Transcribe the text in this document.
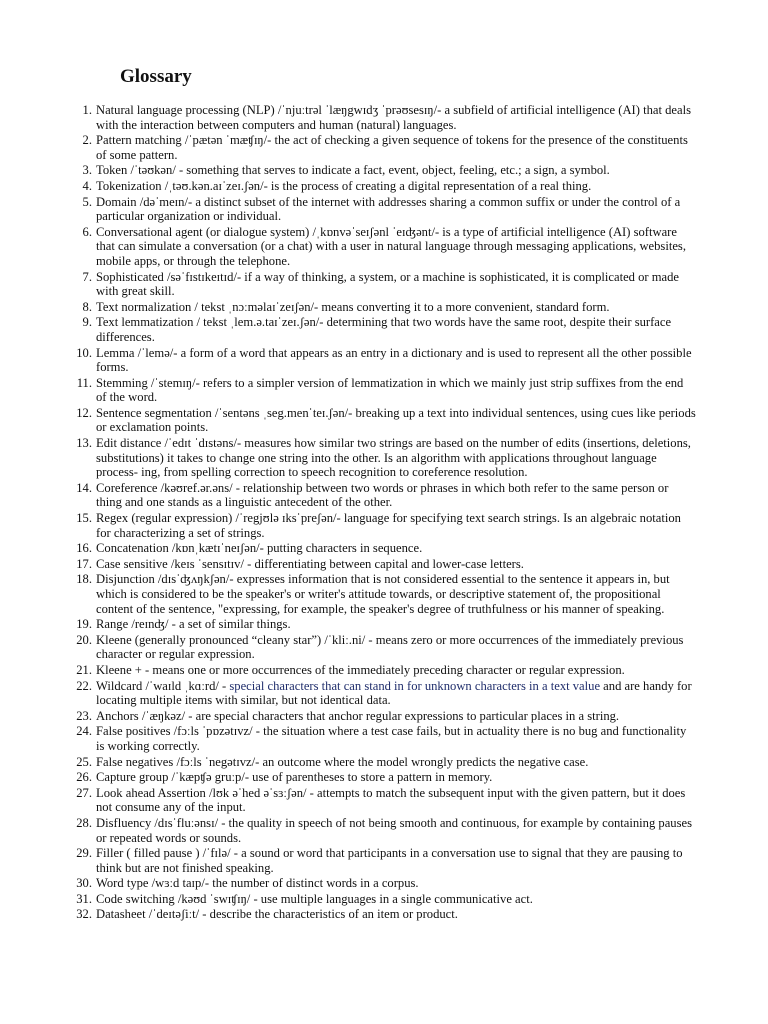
Glossary
1. Natural language processing (NLP) /ˈnjuːtrəl ˈlæŋgwɪdʒ ˈprəʊsesɪŋ/- a subfield of artificial intelligence (AI) that deals with the interaction between computers and human (natural) languages.
2. Pattern matching /ˈpætən ˈmæʧɪŋ/- the act of checking a given sequence of tokens for the presence of the constituents of some pattern.
3. Token /ˈtəʊkən/ - something that serves to indicate a fact, event, object, feeling, etc.; a sign, a symbol.
4. Tokenization /ˌtəʊ.kən.aɪˈzeɪ.ʃən/- is the process of creating a digital representation of a real thing.
5. Domain /dəˈmeɪn/- a distinct subset of the internet with addresses sharing a common suffix or under the control of a particular organization or individual.
6. Conversational agent (or dialogue system) /ˌkɒnvəˈseɪʃənl ˈeɪʤənt/- is a type of artificial intelligence (AI) software that can simulate a conversation (or a chat) with a user in natural language through messaging applications, websites, mobile apps, or through the telephone.
7. Sophisticated /səˈfɪstɪkeɪtɪd/- if a way of thinking, a system, or a machine is sophisticated, it is complicated or made with great skill.
8. Text normalization / tekst ˌnɔːməlaɪˈzeɪʃən/- means converting it to a more convenient, standard form.
9. Text lemmatization / tekst ˌlem.ə.taɪˈzeɪ.ʃən/- determining that two words have the same root, despite their surface differences.
10. Lemma /ˈlemə/- a form of a word that appears as an entry in a dictionary and is used to represent all the other possible forms.
11. Stemming /ˈstemɪŋ/- refers to a simpler version of lemmatization in which we mainly just strip suffixes from the end of the word.
12. Sentence segmentation /ˈsentəns ˌseg.menˈteɪ.ʃən/- breaking up a text into individual sentences, using cues like periods or exclamation points.
13. Edit distance /ˈedɪt ˈdɪstəns/- measures how similar two strings are based on the number of edits (insertions, deletions, substitutions) it takes to change one string into the other. Is an algorithm with applications throughout language process- ing, from spelling correction to speech recognition to coreference resolution.
14. Coreference /kəʊref.ər.əns/ - relationship between two words or phrases in which both refer to the same person or thing and one stands as a linguistic antecedent of the other.
15. Regex (regular expression) /ˈregjʊlə ɪksˈpreʃən/- language for specifying text search strings. Is an algebraic notation for characterizing a set of strings.
16. Concatenation /kɒnˌkætɪˈneɪʃən/- putting characters in sequence.
17. Case sensitive /keɪs ˈsensɪtɪv/ - differentiating between capital and lower-case letters.
18. Disjunction /dɪsˈʤʌŋkʃən/- expresses information that is not considered essential to the sentence it appears in, but which is considered to be the speaker's or writer's attitude towards, or descriptive statement of, the propositional content of the sentence, "expressing, for example, the speaker's degree of truthfulness or his manner of speaking.
19. Range /reɪnʤ/ - a set of similar things.
20. Kleene (generally pronounced “cleany star”) /ˈkliː.ni/ - means zero or more occurrences of the immediately previous character or regular expression.
21. Kleene + - means one or more occurrences of the immediately preceding character or regular expression.
22. Wildcard /ˈwaɪld ˌkɑːrd/ - special characters that can stand in for unknown characters in a text value and are handy for locating multiple items with similar, but not identical data.
23. Anchors /ˈæŋkəz/ - are special characters that anchor regular expressions to particular places in a string.
24. False positives /fɔːls ˈpɒzətɪvz/ - the situation where a test case fails, but in actuality there is no bug and functionality is working correctly.
25. False negatives /fɔːls ˈnegətɪvz/- an outcome where the model wrongly predicts the negative case.
26. Capture group /ˈkæpʧə gruːp/- use of parentheses to store a pattern in memory.
27. Look ahead Assertion /lʊk əˈhed əˈsɜːʃən/ - attempts to match the subsequent input with the given pattern, but it does not consume any of the input.
28. Disfluency /dɪsˈfluːənsɪ/ - the quality in speech of not being smooth and continuous, for example by containing pauses or repeated words or sounds.
29. Filler ( filled pause ) /ˈfɪlə/ - a sound or word that participants in a conversation use to signal that they are pausing to think but are not finished speaking.
30. Word type /wɜːd taɪp/- the number of distinct words in a corpus.
31. Code switching /kəʊd ˈswɪʧɪŋ/ - use multiple languages in a single communicative act.
32. Datasheet /ˈdeɪtəʃiːt/ - describe the characteristics of an item or product.
